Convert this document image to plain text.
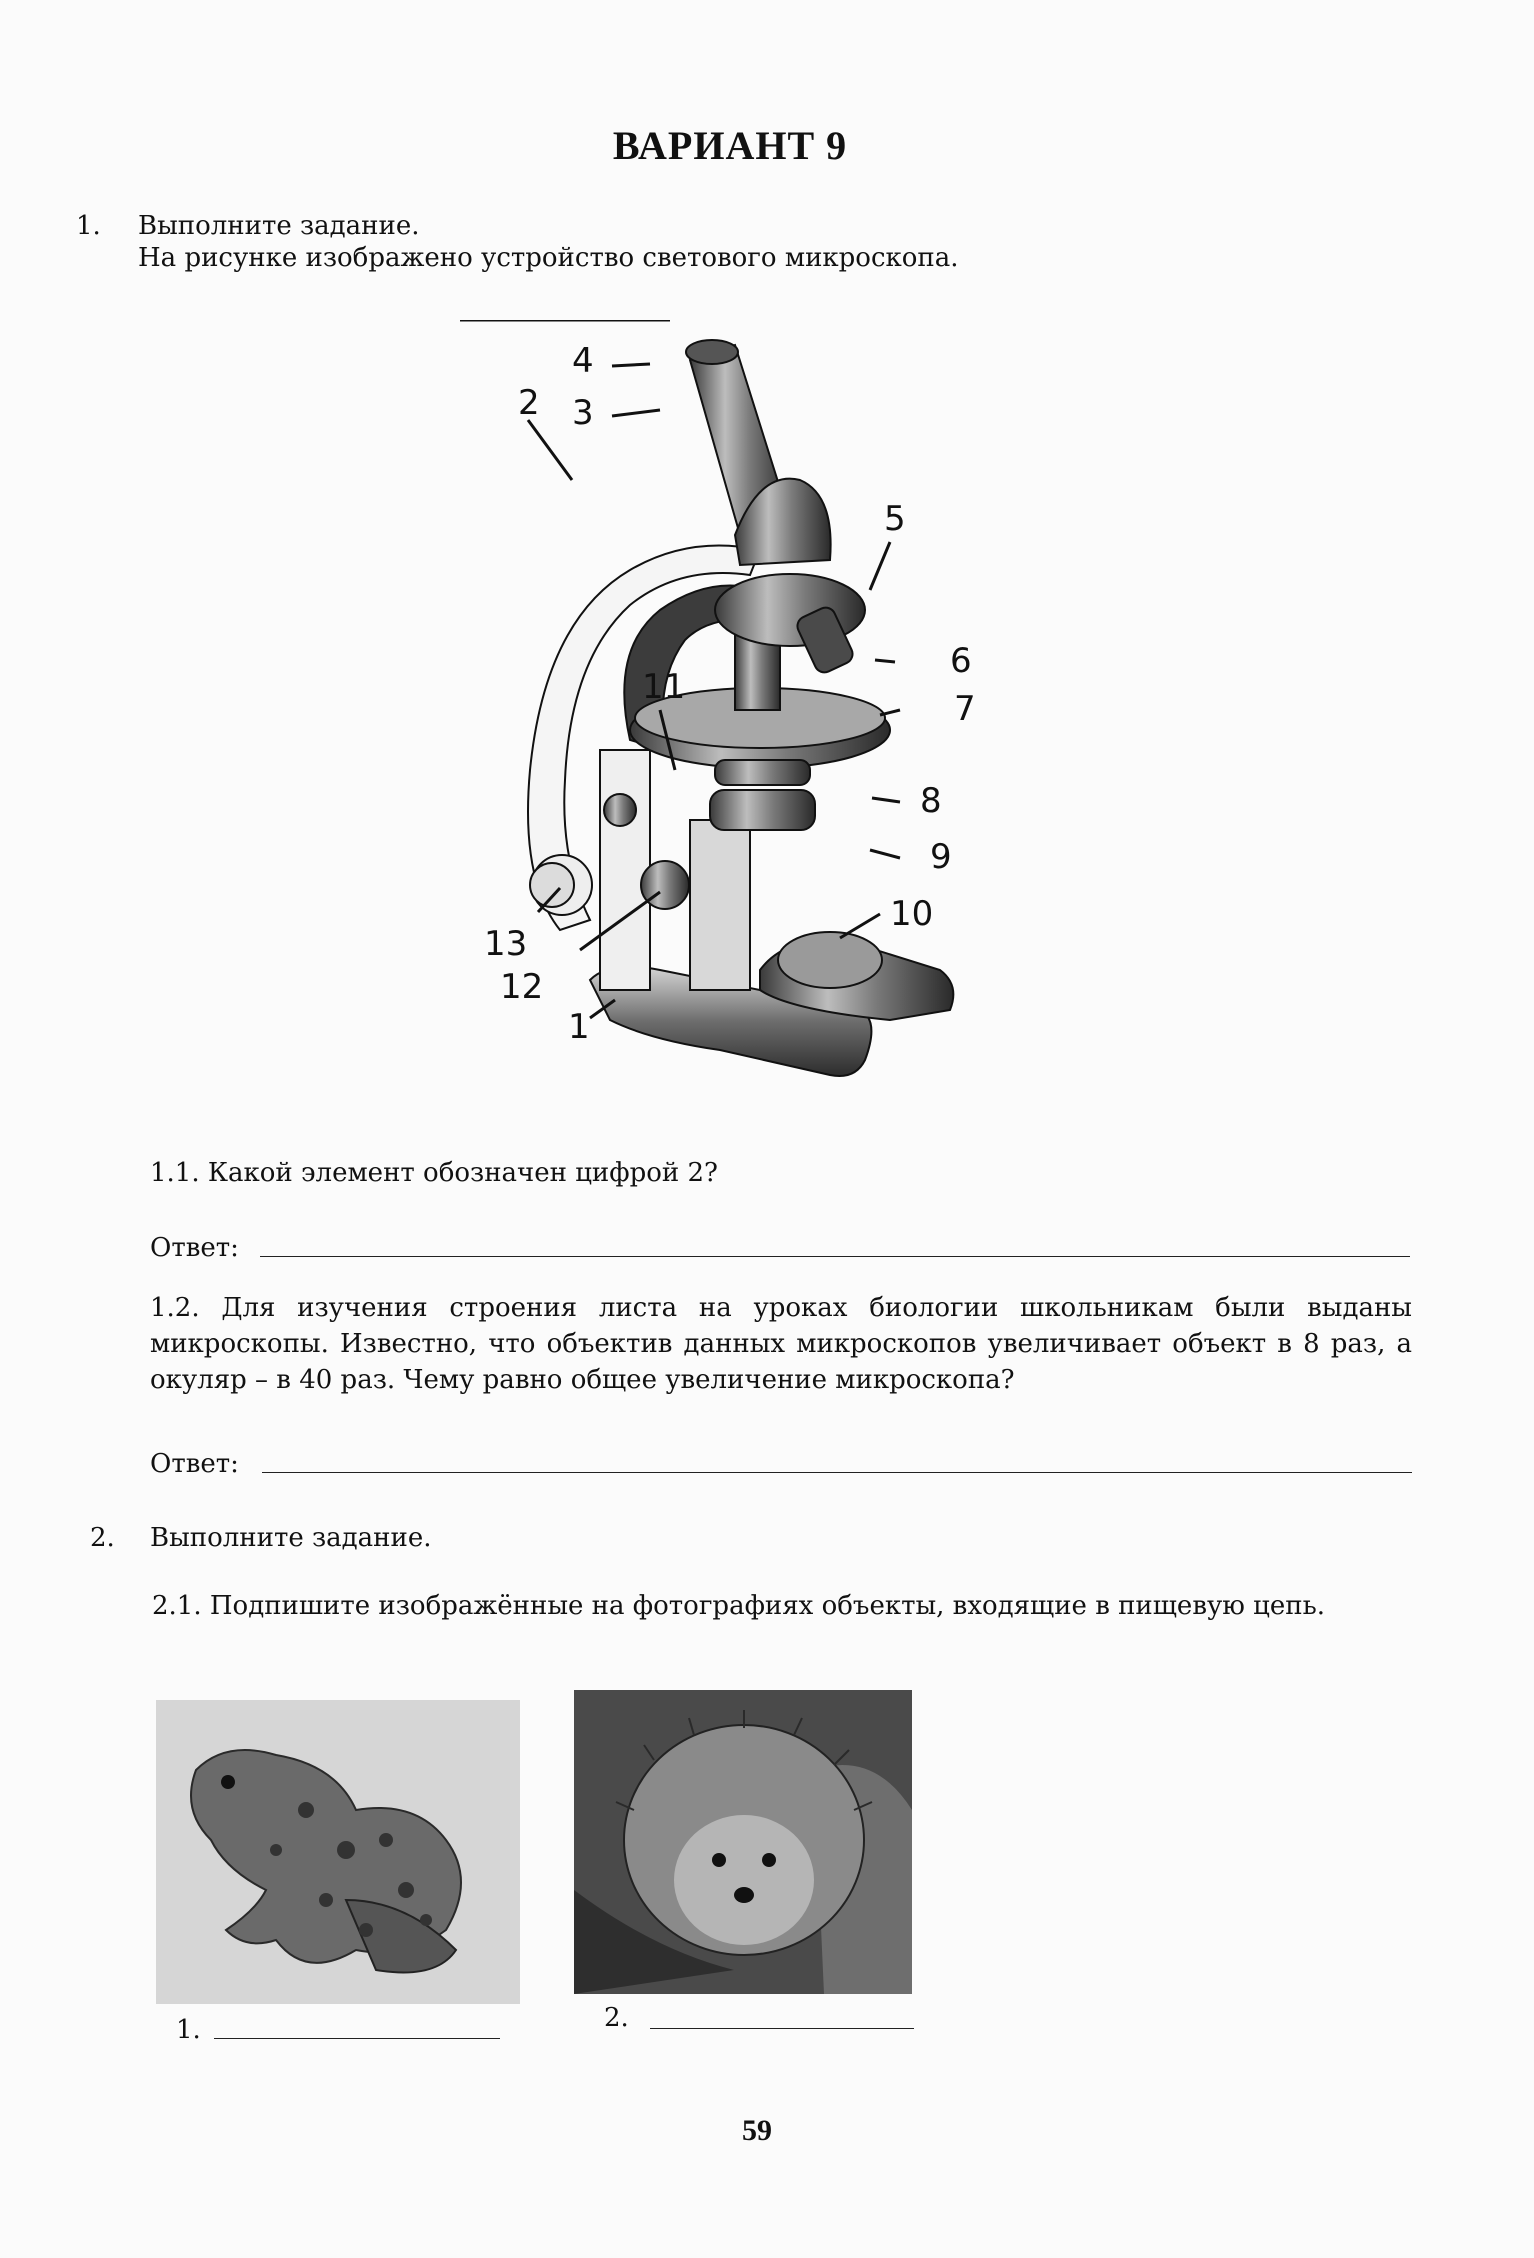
ВАРИАНТ 9
1. Выполните задание.
На рисунке изображено устройство светового микроскопа.
4
3
2
5
6
7
11
8
9
10
13
12
1
1.1. Какой элемент обозначен цифрой 2?
Ответ:
1.2. Для изучения строения листа на уроках биологии школьникам были выданы микроскопы. Известно, что объектив данных микроскопов увеличивает объект в 8 раз, а окуляр – в 40 раз. Чему равно общее увеличение микроскопа?
Ответ:
2. Выполните задание.
2.1. Подпишите изображённые на фотографиях объекты, входящие в пищевую цепь.
1.	2.
59
